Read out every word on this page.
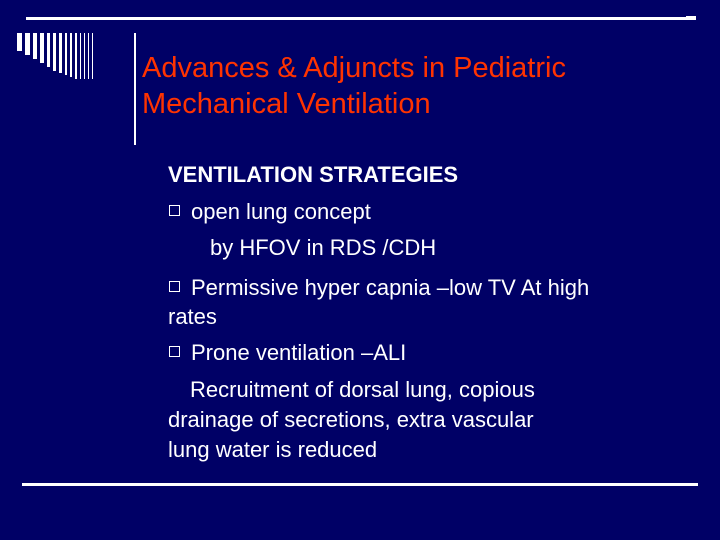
Advances & Adjuncts in Pediatric
Mechanical Ventilation
VENTILATION STRATEGIES
open lung concept
by HFOV in RDS /CDH
Permissive hyper capnia –low TV At high
rates
Prone ventilation –ALI
Recruitment of dorsal lung, copious
drainage of secretions, extra vascular
lung water is reduced
